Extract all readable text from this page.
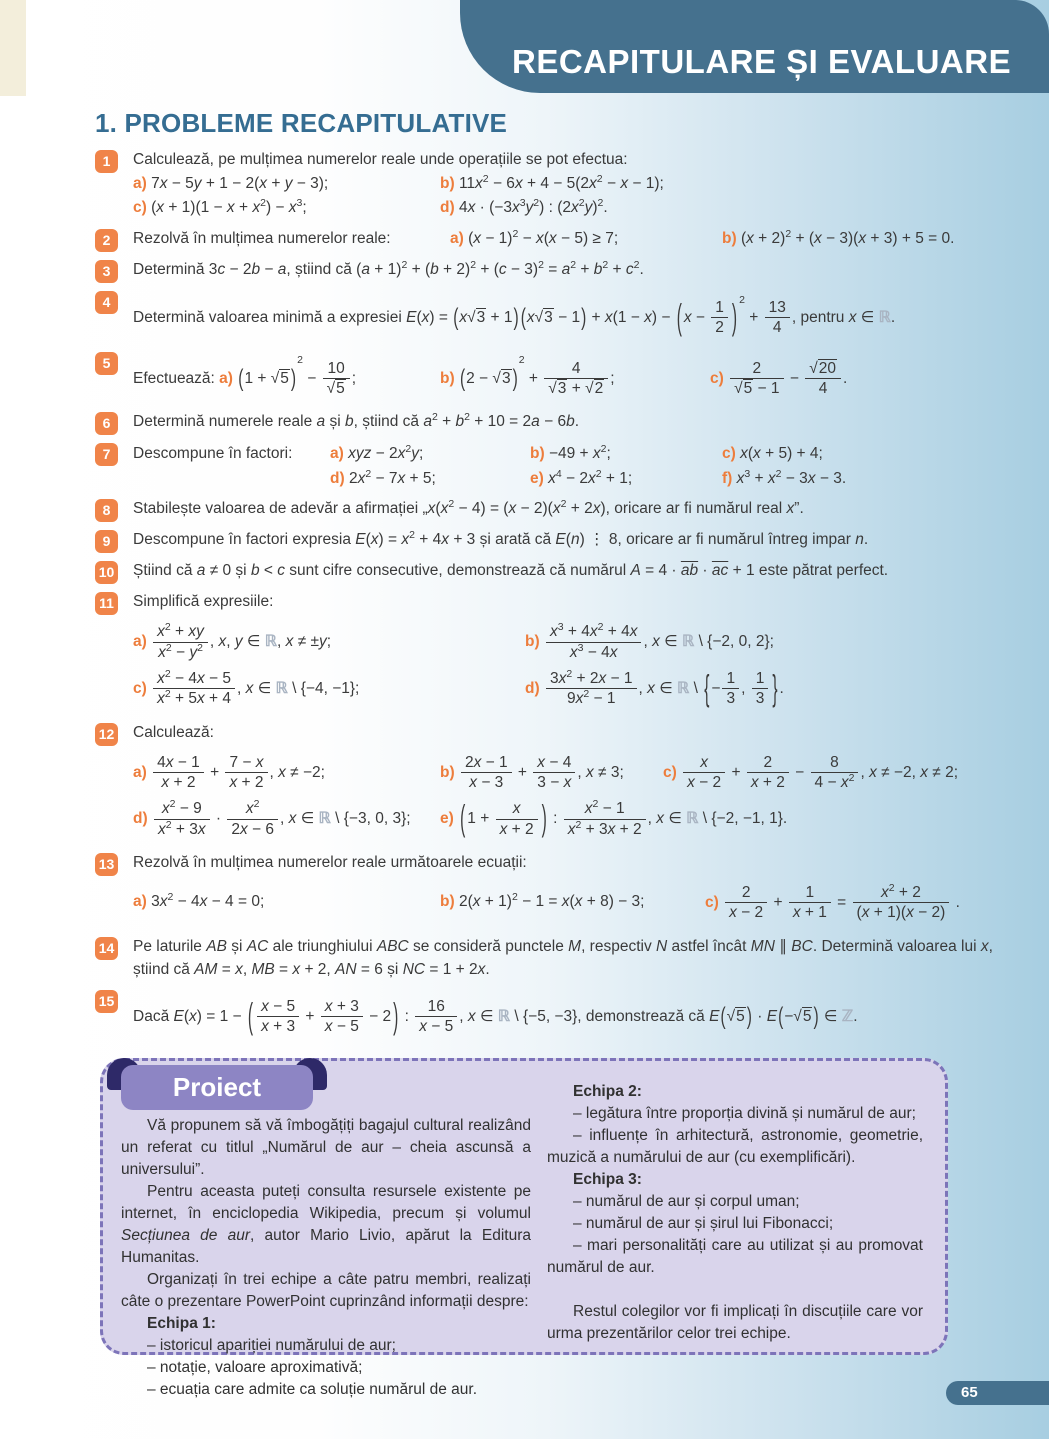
RECAPITULARE ȘI EVALUARE
1. PROBLEME RECAPITULATIVE
1	Calculează, pe mulțimea numerelor reale unde operațiile se pot efectua:
a) 7x − 5y + 1 − 2(x + y − 3);	b) $11x^2 - 6x + 4 - 5(2x^2 - x - 1)$;
c) $(x + 1)(1 - x + x^2) - x^3$;	d) $4x \cdot (-3x^3y^2)$ : $(2x^2y)^2$.
2	Rezolvă în mulțimea numerelor reale:	a) $(x - 1)^2 - x(x - 5) \ge 7$;	b) $(x + 2)^2 + (x - 3)(x + 3) + 5 = 0$.
3	Determină 3c − 2b − a, știind că $(a + 1)^2 + (b + 2)^2 + (c - 3)^2 = a^2 + b^2 + c^2$.
4
Determină valoarea minimă a expresiei E(x) = (x√3 + 1) (x√3 − 1) + x(1 − x) − ( $x - \frac{1}{2}$ ) $^2 + \frac{13}{4}$ , pentru x ∈ ℝ.
5
Efectuează: a) (1 + √5 )$^2 - \frac{10}{√5}$ ;	b) (2 − √3 )$^2 + \frac{4}{√3 + √2}$ ;	$c) \frac{2}{√5 - 1} - \frac{√20}{4}$ .
6	Determină numerele reale a și b, știind că $a^2 + b^2 + 10 = 2a - 6b$.
7	Descompune în factori: a) xyz − $2x^2y$;	$b) -49 + x^2$;	c) x(x + 5) + 4;
d) $2x^2 - 7x + 5$;	e) $x^4 - 2x^2 + 1$;	f) $x^3 + x^2 - 3x - 3$.
8	Stabilește valoarea de adevăr a afirmației $„x(x^2 - 4) = (x - 2)(x^2 + 2x)$, oricare ar fi numărul real x”.
9	Descompune în factori expresia $E(x) = x^2 + 4x + 3$ și arată că E(n) ⋮ 8, oricare ar fi numărul întreg impar n.
10 Știind că a ≠ 0 și b < c sunt cifre consecutive, demonstrează că numărul $A = 4 \cdot \overline{ab} \cdot \overline{ac} + 1$ este pătrat perfect.
11 Simplifică expresiile:
$a) \frac{x^2 + xy}{x^2 - y^2}$ , x, y ∈ ℝ, x ≠ ±y;	$b) \frac{x^3 + 4x^2 + 4x}{x^3 - 4x}$ , x ∈ ℝ \ {−2, 0, 2};
$c) \frac{x^2 - 4x - 5}{x^2 + 5x + 4}$ , x ∈ ℝ \ {−4, −1};	$d) \frac{3x^2 + 2x - 1}{9x^2 - 1}$ , x ∈ ℝ \ { − $\frac{1}{3}$ , $\frac{1}{3}$ } .
12 Calculează:
$a) \frac{4x - 1}{x + 2} + \frac{7 - x}{x + 2}$ , x ≠ −2;	$b) \frac{2x - 1}{x - 3} + \frac{x - 4}{3 - x}$ , x ≠ 3;	$c) \frac{x}{x - 2} + \frac{2}{x + 2} - \frac{8}{4 - x^2}$ , x ≠ −2, x ≠ 2;
$d) \frac{x^2 - 9}{x^2 + 3x} \cdot \frac{x^2}{2x - 6}$ , x ∈ ℝ \ {−3, 0, 3}; e) ( $1 + \frac{x}{x + 2}$ ) : $\frac{x^2 - 1}{x^2 + 3x + 2}$ , x ∈ ℝ \ {−2, −1, 1}.
13 Rezolvă în mulțimea numerelor reale următoarele ecuații:
a) $3x^2 - 4x - 4 = 0$;	b) $2(x + 1)^2 - 1 = x(x + 8) - 3$;	$c) \frac{2}{x - 2} + \frac{1}{x + 1} = \frac{x^2 + 2}{(x + 1)(x - 2)}$ .
14 Pe laturile AB și AC ale triunghiului ABC se consideră punctele M, respectiv N astfel încât MN ∥ BC. Determină valoarea lui x, știind că AM = x, MB = x + 2, AN = 6 și NC = 1 + 2x.
15
Dacă E(x) = 1 − ( $\frac{x - 5}{x + 3} + \frac{x + 3}{x - 5} - 2$ ) : $\frac{16}{x - 5}$ , x ∈ ℝ \ {−5, −3}, demonstrează că E(√5 ) · E(−√5 ) ∈ ℤ.
Proiect

Vă propunem să vă îmbogățiți bagajul cultural realizând un referat cu titlul „Numărul de aur – cheia ascunsă a universului”.

Pentru aceasta puteți consulta resursele existente pe internet, în enciclopedia Wikipedia, precum și volumul Secțiunea de aur, autor Mario Livio, apărut la Editura Humanitas.

Organizați în trei echipe a câte patru membri, realizați câte o prezentare PowerPoint cuprinzând informații despre:

Echipa 1:

– istoricul apariției numărului de aur;

– notație, valoare aproximativă;

– ecuația care admite ca soluție numărul de aur.

Echipa 2:

– legătura între proporția divină și numărul de aur;

– influențe în arhitectură, astronomie, geometrie, muzică a numărului de aur (cu exemplificări).

Echipa 3:

– numărul de aur și corpul uman;

– numărul de aur și șirul lui Fibonacci;

– mari personalități care au utilizat și au promovat numărul de aur.

Restul colegilor vor fi implicați în discuțiile care vor urma prezentărilor celor trei echipe.

65
